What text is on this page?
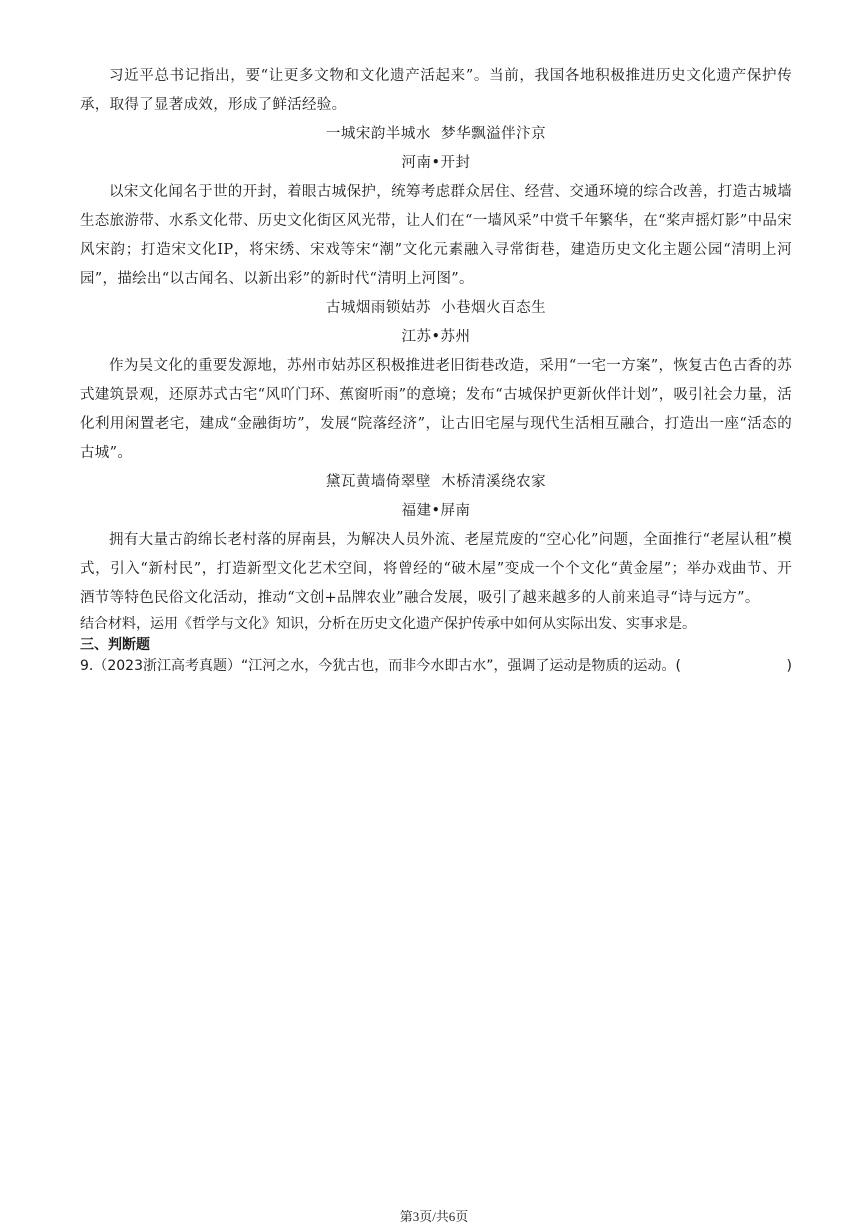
习近平总书记指出，要“让更多文物和文化遗产活起来”。当前，我国各地积极推进历史文化遗产保护传承，取得了显著成效，形成了鲜活经验。

一城宋韵半城水  梦华飘溢伴汴京

河南•开封

以宋文化闻名于世的开封，着眼古城保护，统筹考虑群众居住、经营、交通环境的综合改善，打造古城墙生态旅游带、水系文化带、历史文化街区风光带，让人们在“一墙风采”中赏千年繁华，在“桨声摇灯影”中品宋风宋韵；打造宋文化IP，将宋绣、宋戏等宋“潮”文化元素融入寻常街巷，建造历史文化主题公园“清明上河园”，描绘出“以古闻名、以新出彩”的新时代“清明上河图”。

古城烟雨锁姑苏  小巷烟火百态生

江苏•苏州

作为吴文化的重要发源地，苏州市姑苏区积极推进老旧街巷改造，采用“一宅一方案”，恢复古色古香的苏式建筑景观，还原苏式古宅“风吖门环、蕉窗听雨”的意境；发布“古城保护更新伙伴计划”，吸引社会力量，活化利用闲置老宅，建成“金融街坊”，发展“院落经济”，让古旧宅屋与现代生活相互融合，打造出一座“活态的古城”。

黛瓦黄墙倚翠壁  木桥清溪绕农家

福建•屏南

拥有大量古韵绵长老村落的屏南县，为解决人员外流、老屋荒废的“空心化”问题，全面推行“老屋认租”模式，引入“新村民”，打造新型文化艺术空间，将曾经的“破木屋”变成一个个文化“黄金屋”；举办戏曲节、开酒节等特色民俗文化活动，推动“文创+品牌农业”融合发展，吸引了越来越多的人前来追寻“诗与远方”。

结合材料，运用《哲学与文化》知识，分析在历史文化遗产保护传承中如何从实际出发、实事求是。

三、判断题

9.（2023浙江高考真题）“江河之水，今犹古也，而非今水即古水”，强调了运动是物质的运动。(	)

第3页/共6页
